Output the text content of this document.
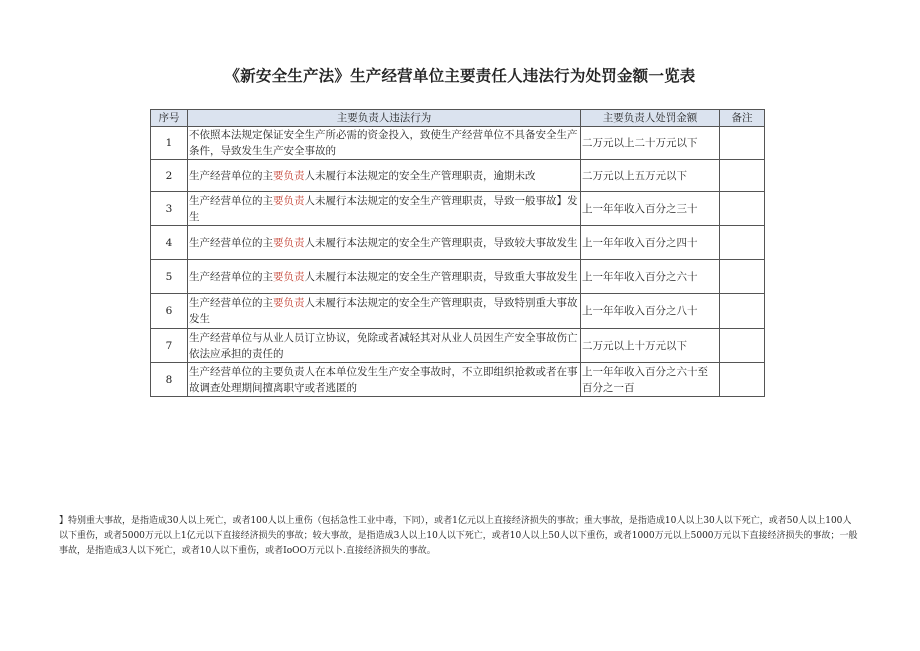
《新安全生产法》生产经营单位主要责任人违法行为处罚金额一览表
序号	主要负责人违法行为	主要负责人处罚金额	备注
1	不依照本法规定保证安全生产所必需的资金投入，致使生产经营单位不具备安全生产条件，导致发生生产安全事故的	二万元以上二十万元以下	
2	生产经营单位的主要负责人未履行本法规定的安全生产管理职责，逾期未改	二万元以上五万元以下	
3	生产经营单位的主要负责人未履行本法规定的安全生产管理职责，导致一般事故】发生	上一年年收入百分之三十	
4	生产经营单位的主要负责人未履行本法规定的安全生产管理职责，导致较大事故发生	上一年年收入百分之四十	
5	生产经营单位的主要负责人未履行本法规定的安全生产管理职责，导致重大事故发生	上一年年收入百分之六十	
6	生产经营单位的主要负责人未履行本法规定的安全生产管理职责，导致特别重大事故发生	上一年年收入百分之八十	
7	生产经营单位与从业人员订立协议，免除或者减轻其对从业人员因生产安全事故伤亡依法应承担的责任的	二万元以上十万元以下	
8	生产经营单位的主要负责人在本单位发生生产安全事故时，不立即组织抢救或者在事故调查处理期间擅离职守或者逃匿的	上一年年收入百分之六十至百分之一百	
】特别重大事故，是指造成30人以上死亡，或者100人以上重伤（包括急性工业中毒，下同），或者1亿元以上直接经济损失的事故；重大事故，是指造成10人以上30人以下死亡，或者50人以上100人以下重伤，或者5000万元以上1亿元以下直接经济损失的事故；较大事故，是指造成3人以上10人以下死亡，或者10人以上50人以下重伤，或者1000万元以上5000万元以下直接经济损失的事故；一般事故，是指造成3人以下死亡，或者10人以下重伤，或者IoOO万元以卜.直接经济损失的事故。
